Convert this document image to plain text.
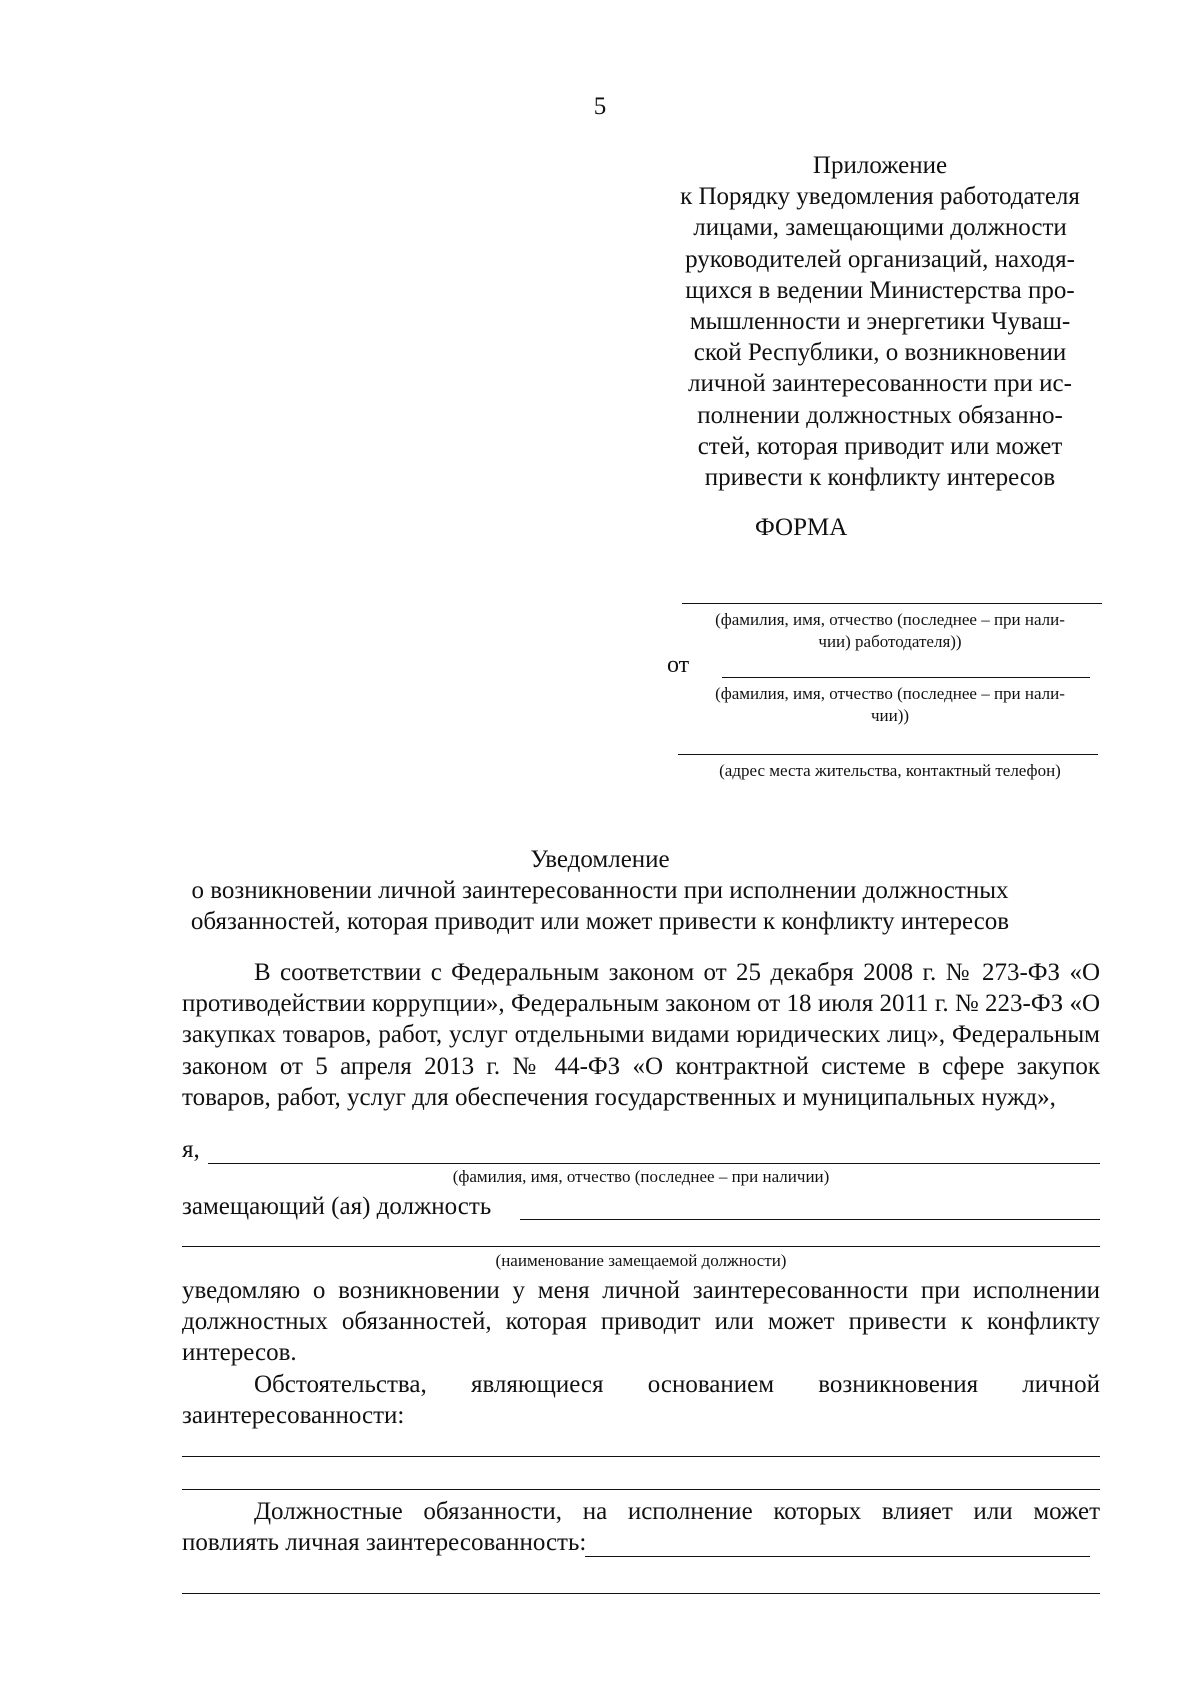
5
Приложение
к Порядку уведомления работодателя
лицами, замещающими должности
руководителей организаций, находя-
щихся в ведении Министерства про-
мышленности и энергетики Чуваш-
ской Республики, о возникновении
личной заинтересованности при ис-
полнении должностных обязанно-
стей, которая приводит или может
привести к конфликту интересов
ФОРМА
(фамилия, имя, отчество (последнее – при нали-
чии) работодателя))
от
(фамилия, имя, отчество (последнее – при нали-
чии))
(адрес места жительства, контактный телефон)
Уведомление
о возникновении личной заинтересованности при исполнении должностных
обязанностей, которая приводит или может привести к конфликту интересов
В соответствии с Федеральным законом от 25 декабря 2008 г. № 273-ФЗ «О противодействии коррупции», Федеральным законом от 18 июля 2011 г. № 223-ФЗ «О закупках товаров, работ, услуг отдельными видами юридических лиц», Федеральным законом от 5 апреля 2013 г. № 44-ФЗ «О контрактной системе в сфере закупок товаров, работ, услуг для обеспечения государственных и муниципальных нужд»,
я,
(фамилия, имя, отчество (последнее – при наличии)
замещающий (ая) должность
(наименование замещаемой должности)
уведомляю о возникновении у меня личной заинтересованности при исполнении должностных обязанностей, которая приводит или может привести к конфликту интересов.
Обстоятельства, являющиеся основанием возникновения личной заинтересованности:
Должностные обязанности, на исполнение которых влияет или может повлиять личная заинтересованность:
